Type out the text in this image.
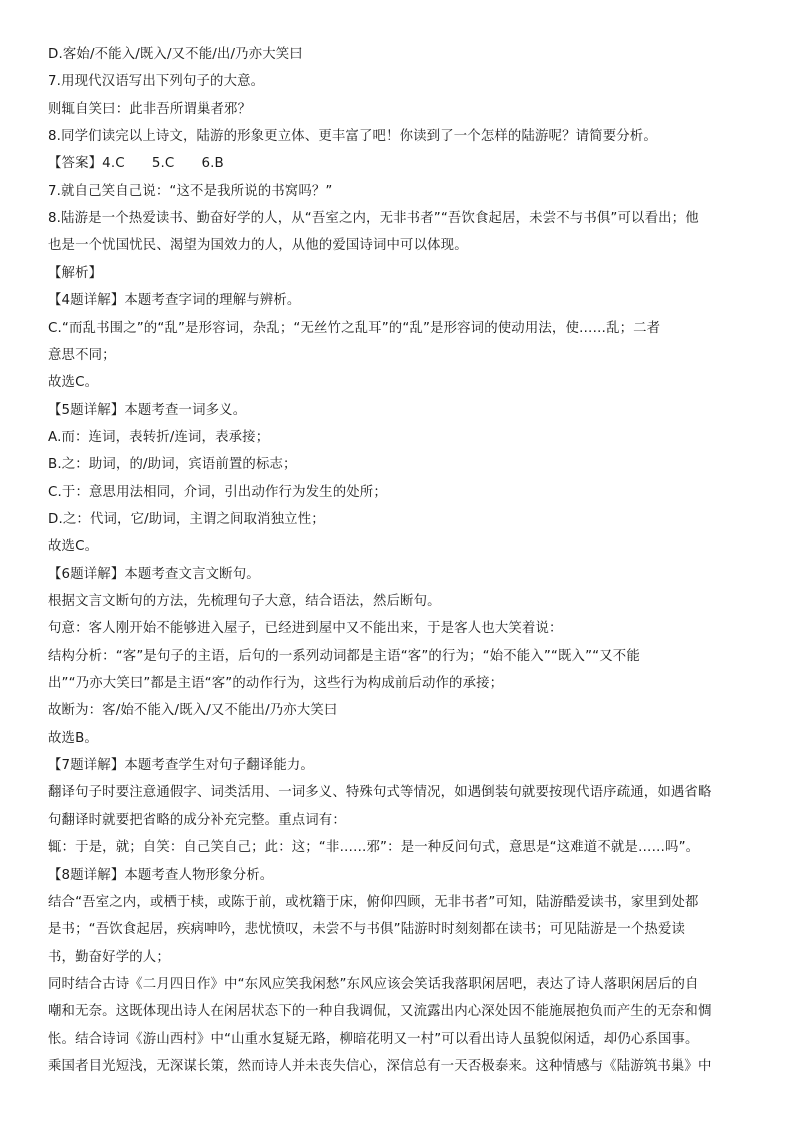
D.客始/不能入/既入/又不能/出/乃亦大笑曰
7.用现代汉语写出下列句子的大意。
则辄自笑曰：此非吾所谓巢者邪？
8.同学们读完以上诗文，陆游的形象更立体、更丰富了吧！你读到了一个怎样的陆游呢？请简要分析。
【答案】4.C　　5.C　　6.B
7.就自己笑自己说：“这不是我所说的书窝吗？”
8.陆游是一个热爱读书、勤奋好学的人，从“吾室之内，无非书者”“吾饮食起居，未尝不与书俱”可以看出；他
也是一个忧国忧民、渴望为国效力的人，从他的爱国诗词中可以体现。
【解析】
【4题详解】本题考查字词的理解与辨析。
C.“而乱书围之”的“乱”是形容词，杂乱；“无丝竹之乱耳”的“乱”是形容词的使动用法，使……乱；二者
意思不同；
故选C。
【5题详解】本题考查一词多义。
A.而：连词，表转折/连词，表承接；
B.之：助词，的/助词，宾语前置的标志；
C.于：意思用法相同，介词，引出动作行为发生的处所；
D.之：代词，它/助词，主谓之间取消独立性；
故选C。
【6题详解】本题考查文言文断句。
根据文言文断句的方法，先梳理句子大意，结合语法，然后断句。
句意：客人刚开始不能够进入屋子，已经进到屋中又不能出来，于是客人也大笑着说：
结构分析：“客”是句子的主语，后句的一系列动词都是主语“客”的行为；“始不能入”“既入”“又不能
出”“乃亦大笑曰”都是主语“客”的动作行为，这些行为构成前后动作的承接；
故断为：客/始不能入/既入/又不能出/乃亦大笑曰
故选B。
【7题详解】本题考查学生对句子翻译能力。
翻译句子时要注意通假字、词类活用、一词多义、特殊句式等情况，如遇倒装句就要按现代语序疏通，如遇省略
句翻译时就要把省略的成分补充完整。重点词有：
辄：于是，就；自笑：自己笑自己；此：这；“非……邪”：是一种反问句式，意思是“这难道不就是……吗”。
【8题详解】本题考查人物形象分析。
结合“吾室之内，或栖于椟，或陈于前，或枕籍于床，俯仰四顾，无非书者”可知，陆游酷爱读书，家里到处都
是书；“吾饮食起居，疾病呻吟，悲忧愤叹，未尝不与书俱”陆游时时刻刻都在读书；可见陆游是一个热爱读
书，勤奋好学的人；
同时结合古诗《二月四日作》中“东风应笑我闲愁”东风应该会笑话我落职闲居吧，表达了诗人落职闲居后的自
嘲和无奈。这既体现出诗人在闲居状态下的一种自我调侃，又流露出内心深处因不能施展抱负而产生的无奈和惆
怅。结合诗词《游山西村》中“山重水复疑无路，柳暗花明又一村”可以看出诗人虽貌似闲适，却仍心系国事。
乘国者目光短浅，无深谋长策，然而诗人并未丧失信心，深信总有一天否极泰来。这种情感与《陆游筑书巢》中
